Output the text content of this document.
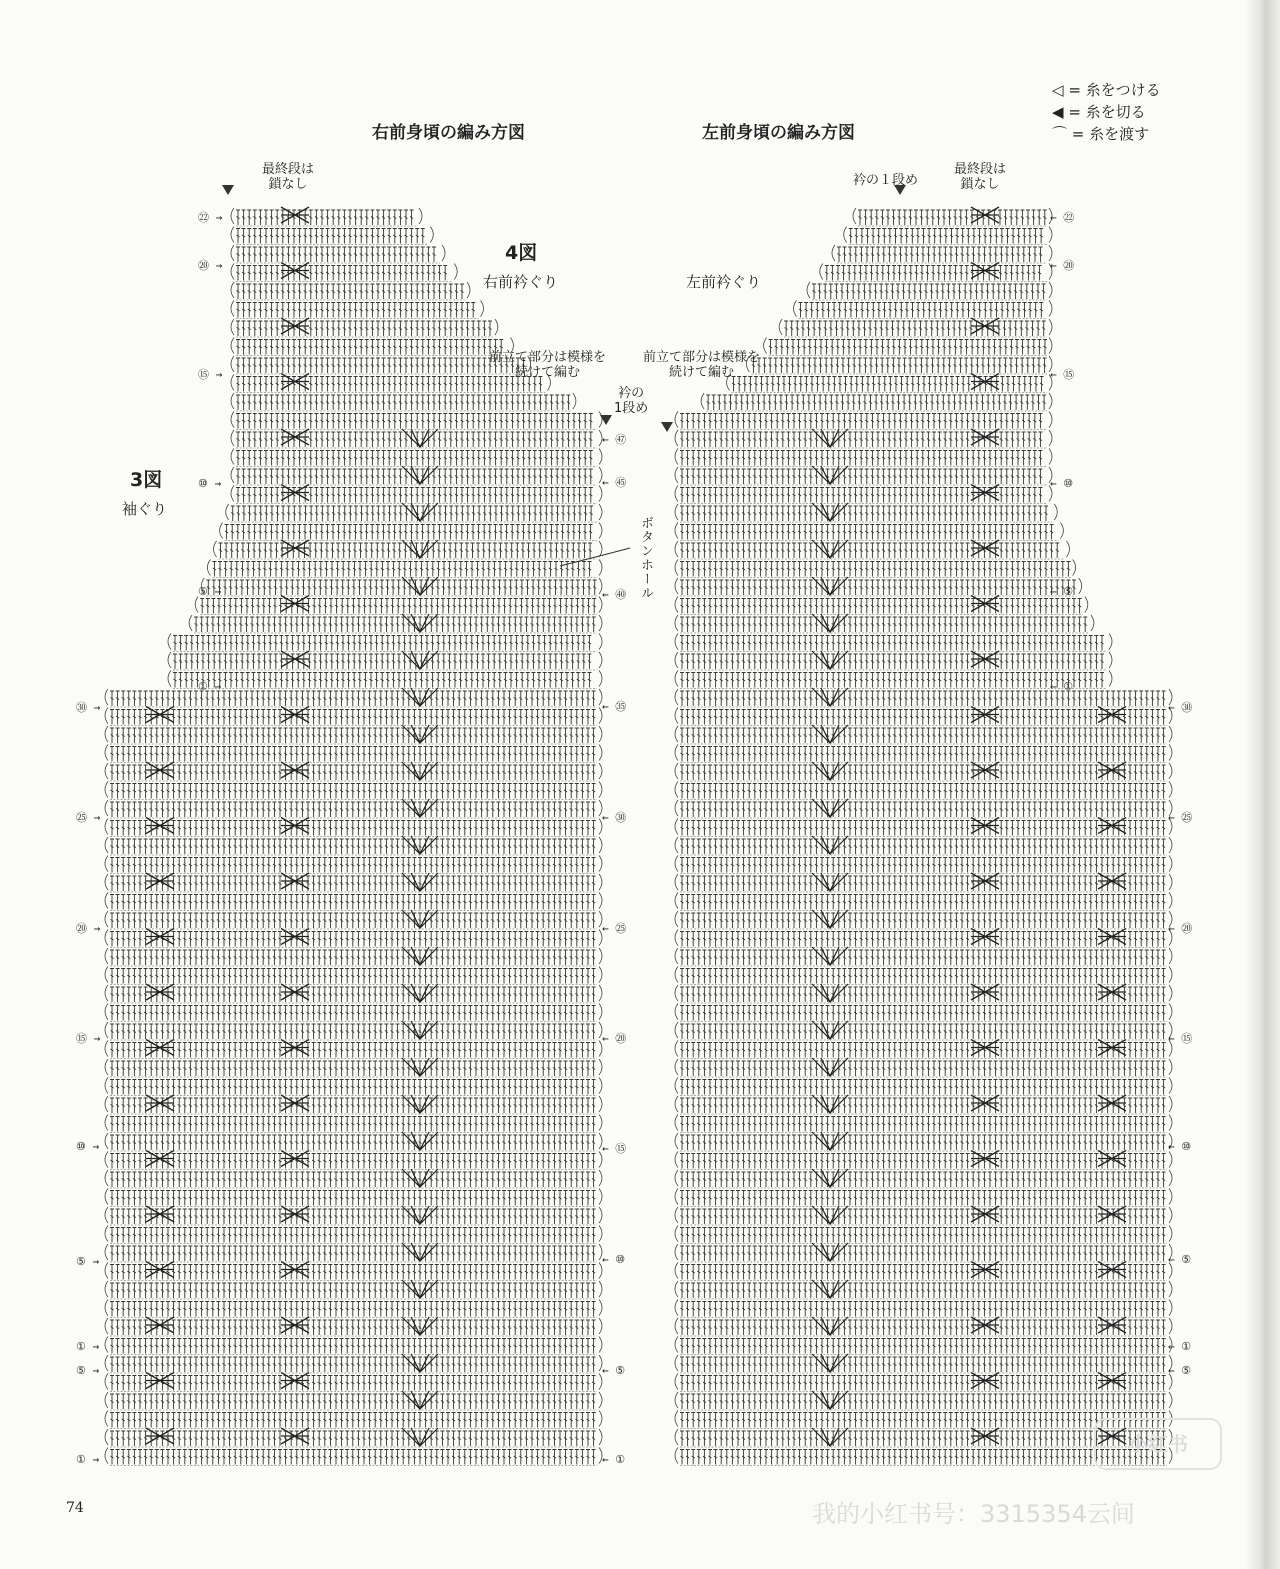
◁ = 糸をつける
◀ = 糸を切る
⌒ = 糸を渡す
右前身頃の編み方図	左前身頃の編み方図
最終段は
鎖なし
最終段は
鎖なし
衿の１段め
4図
右前衿ぐり	左前衿ぐり
前立て部分は模様を
続けて編む
前立て部分は模様を
続けて編む
衿の
1段め
3図
袖ぐり
ボタンホール
74	我的小红书号：3315354云间
小红书
㉒ →
⑳ →
⑮ →
⑩ →
⑤ →
① →
㉚ →
㉕ →
⑳ →
⑮ →
⑩ →
⑤ →
① →
⑤ →
① →
← ㊼
← ㊺
← ㊵
← ㉟
← ㉚
← ㉕
← ⑳
← ⑮
← ⑩
← ⑤
← ①
← ㉒
← ⑳
← ⑮
← ⑩
← ⑤
← ①
← ㉚
← ㉕
← ⑳
← ⑮
← ⑩
← ⑤
← ①
← ⑤
